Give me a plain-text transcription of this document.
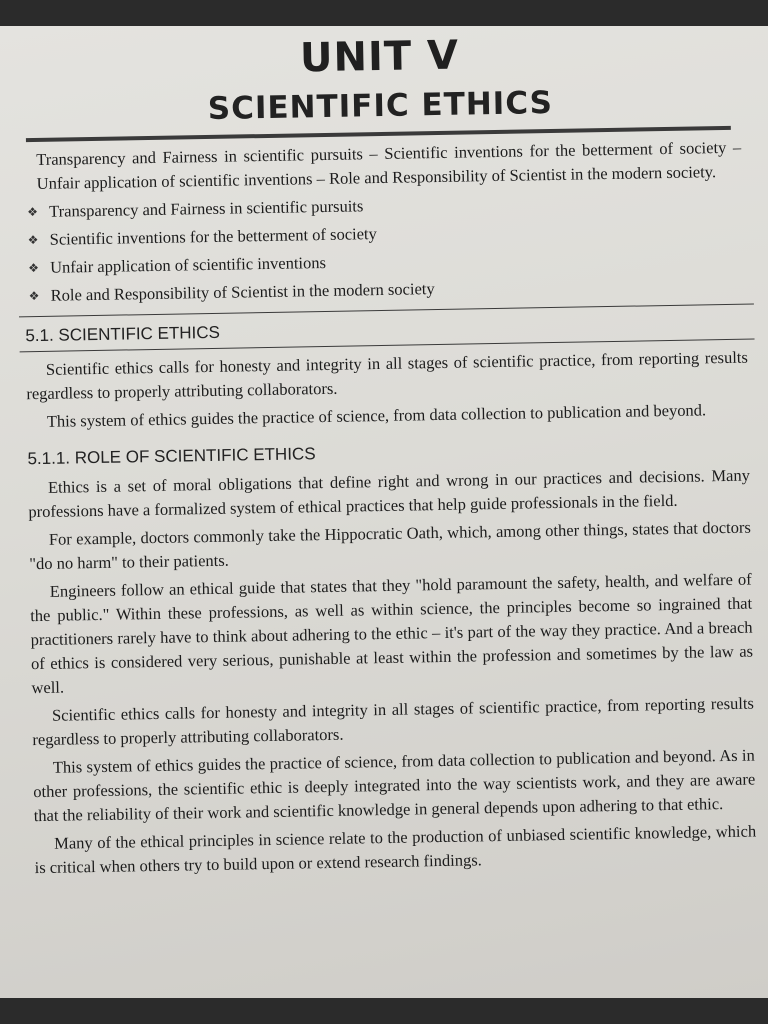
UNIT V
SCIENTIFIC ETHICS
Transparency and Fairness in scientific pursuits – Scientific inventions for the betterment of society – Unfair application of scientific inventions – Role and Responsibility of Scientist in the modern society.
❖ Transparency and Fairness in scientific pursuits
❖ Scientific inventions for the betterment of society
❖ Unfair application of scientific inventions
❖ Role and Responsibility of Scientist in the modern society
5.1. SCIENTIFIC ETHICS

Scientific ethics calls for honesty and integrity in all stages of scientific practice, from reporting results regardless to properly attributing collaborators.

This system of ethics guides the practice of science, from data collection to publication and beyond.

5.1.1. ROLE OF SCIENTIFIC ETHICS

Ethics is a set of moral obligations that define right and wrong in our practices and decisions. Many professions have a formalized system of ethical practices that help guide professionals in the field.

For example, doctors commonly take the Hippocratic Oath, which, among other things, states that doctors "do no harm" to their patients.

Engineers follow an ethical guide that states that they "hold paramount the safety, health, and welfare of the public." Within these professions, as well as within science, the principles become so ingrained that practitioners rarely have to think about adhering to the ethic – it's part of the way they practice. And a breach of ethics is considered very serious, punishable at least within the profession and sometimes by the law as well.

Scientific ethics calls for honesty and integrity in all stages of scientific practice, from reporting results regardless to properly attributing collaborators.

This system of ethics guides the practice of science, from data collection to publication and beyond. As in other professions, the scientific ethic is deeply integrated into the way scientists work, and they are aware that the reliability of their work and scientific knowledge in general depends upon adhering to that ethic.

Many of the ethical principles in science relate to the production of unbiased scientific knowledge, which is critical when others try to build upon or extend research findings.
